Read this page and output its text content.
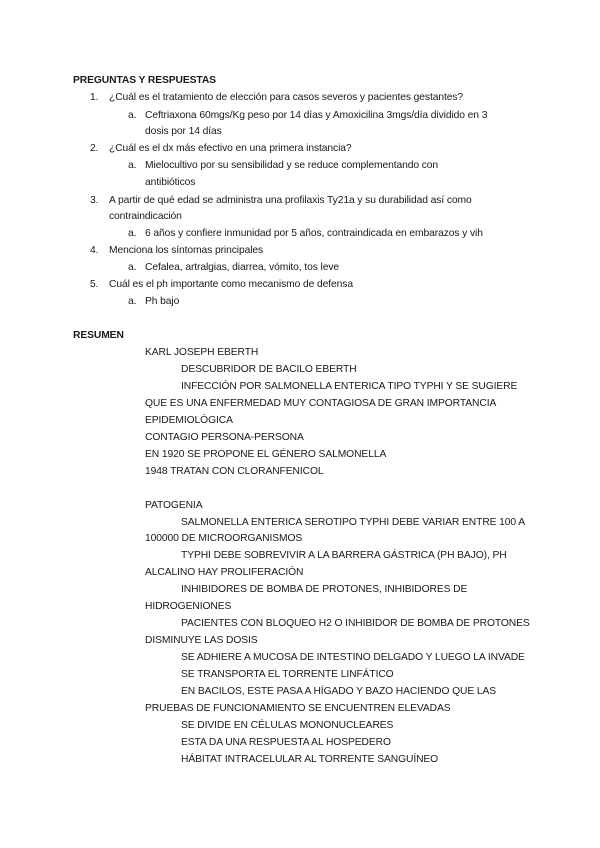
PREGUNTAS Y RESPUESTAS
1. ¿Cuál es el tratamiento de elección para casos severos y pacientes gestantes?
a. Ceftriaxona 60mgs/Kg peso por 14 días y Amoxicilina 3mgs/día dividido en 3
dosis por 14 días
2. ¿Cuál es el dx más efectivo en una primera instancia?
a. Mielocultivo por su sensibilidad y se reduce complementando con
antibióticos
3. A partir de qué edad se administra una profilaxis Ty21a y su durabilidad así como
contraindicación
a. 6 años y confiere inmunidad por 5 años, contraindicada en embarazos y vih
4. Menciona los síntomas principales
a. Cefalea, artralgias, diarrea, vómito, tos leve
5. Cuál es el ph importante como mecanismo de defensa
a. Ph bajo
RESUMEN
KARL JOSEPH EBERTH
DESCUBRIDOR DE BACILO EBERTH
INFECCIÓN POR SALMONELLA ENTERICA TIPO TYPHI Y SE SUGIERE
QUE ES UNA ENFERMEDAD MUY CONTAGIOSA DE GRAN IMPORTANCIA
EPIDEMIOLÓGICA
CONTAGIO PERSONA-PERSONA
EN 1920 SE PROPONE EL GÉNERO SALMONELLA
1948 TRATAN CON CLORANFENICOL
PATOGENIA
SALMONELLA ENTERICA SEROTIPO TYPHI DEBE VARIAR ENTRE 100 A
100000 DE MICROORGANISMOS
TYPHI DEBE SOBREVIVIR A LA BARRERA GÁSTRICA (PH BAJO), PH
ALCALINO HAY PROLIFERACIÓN
INHIBIDORES DE BOMBA DE PROTONES, INHIBIDORES DE
HIDROGENIONES
PACIENTES CON BLOQUEO H2 O INHIBIDOR DE BOMBA DE PROTONES
DISMINUYE LAS DOSIS
SE ADHIERE A MUCOSA DE INTESTINO DELGADO Y LUEGO LA INVADE
SE TRANSPORTA EL TORRENTE LINFÁTICO
EN BACILOS, ESTE PASA A HÍGADO Y BAZO HACIENDO QUE LAS
PRUEBAS DE FUNCIONAMIENTO SE ENCUENTREN ELEVADAS
SE DIVIDE EN CÉLULAS MONONUCLEARES
ESTA DA UNA RESPUESTA AL HOSPEDERO
HÁBITAT INTRACELULAR AL TORRENTE SANGUÍNEO
